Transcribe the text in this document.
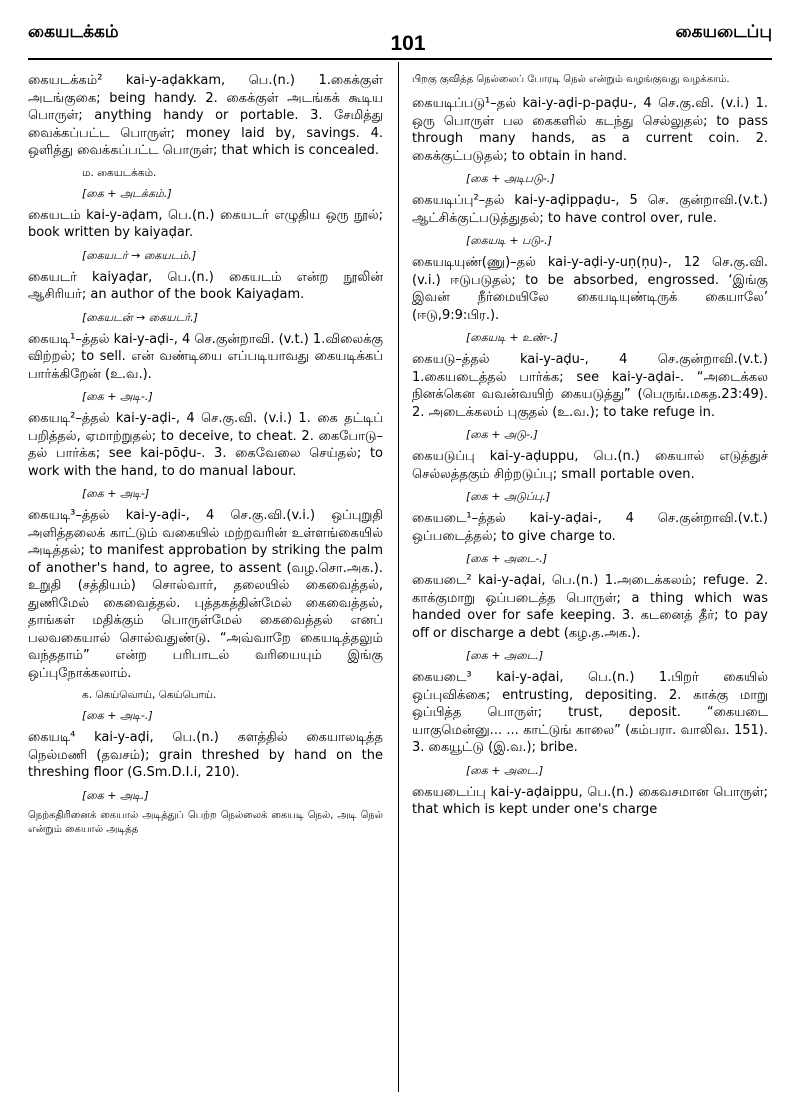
கையடக்கம்	101	கையடைப்பு
கையடக்கம்² kai-y-aḍakkam, பெ.(n.) 1.கைக்குள் அடங்குகை; being handy. 2. கைக்குள் அடங்கக் கூடிய பொருள்; anything handy or portable. 3. சேமித்து வைக்கப்பட்ட பொருள்; money laid by, savings. 4. ஒளித்து வைக்கப்பட்ட பொருள்; that which is concealed.
ம. கையடக்கம்.
[கை + அடக்கம்.]
கையடம் kai-y-aḍam, பெ.(n.) கையடர் எழுதிய ஒரு நூல்; book written by kaiyaḍar.
[கையடர் → கையடம்.]
கையடர் kaiyaḍar, பெ.(n.) கையடம் என்ற நூலின் ஆசிரியர்; an author of the book Kaiyaḍam.
[கையடன் → கையடர்.]
கையடி¹–த்தல் kai-y-aḍi-, 4 செ.குன்றாவி. (v.t.) 1.விலைக்கு விற்றல்; to sell. என் வண்டியை எப்படியாவது கையடிக்கப் பார்க்கிறேன் (உ.வ.).
[கை + அடி-.]
கையடி²–த்தல் kai-y-aḍi-, 4 செ.கு.வி. (v.i.) 1. கை தட்டிப் பறித்தல், ஏமாற்றுதல்; to deceive, to cheat. 2. கைபோடு–தல் பார்க்க; see kai-pōḍu-. 3. கைவேலை செய்தல்; to work with the hand, to do manual labour.
[கை + அடி-]
கையடி³–த்தல் kai-y-aḍi-, 4 செ.கு.வி.(v.i.) ஒப்புறுதி அளித்தலைக் காட்டும் வகையில் மற்றவரின் உள்ளங்கையில் அடித்தல்; to manifest approbation by striking the palm of another's hand, to agree, to assent (வழ.சொ.அக.). உறுதி (சத்தியம்) சொல்வார், தலையில் கைவைத்தல், துணிமேல் கைவைத்தல். புத்தகத்தின்மேல் கைவைத்தல், தாங்கள் மதிக்கும் பொருள்மேல் கைவைத்தல் எனப் பலவகையால் சொல்வதுண்டு. “அவ்வாறே கையடித்தலும் வந்ததாம்” என்ற பரிபாடல் வரியையும் இங்கு ஒப்புநோக்கலாம்.
க. கெய்வொய், கெய்பொய்.
[கை + அடி-.]
கையடி⁴ kai-y-aḍi, பெ.(n.) களத்தில் கையாலடித்த நெல்மணி (தவசம்); grain threshed by hand on the threshing floor (G.Sm.D.I.i, 210).
[கை + அடி.]
நெற்கதிரினைக் கையால் அடித்துப் பெற்ற நெல்லைக் கையடி நெல், அடி நெல் என்றும் கையால் அடித்த
பிறகு குவித்த நெல்லைப் போரடி நெல் என்றும் வழங்குவது வழக்காம்.
கையடிப்படு¹–தல் kai-y-aḍi-p-paḍu-, 4 செ.கு.வி. (v.i.) 1. ஒரு பொருள் பல கைகளில் கடந்து செல்லுதல்; to pass through many hands, as a current coin. 2. கைக்குட்படுதல்; to obtain in hand.
[கை + அடிபடு-.]
கையடிப்பு²–தல் kai-y-aḍippaḍu-, 5 செ. குன்றாவி.(v.t.) ஆட்சிக்குட்படுத்துதல்; to have control over, rule.
[கையடி + படு-.]
கையடியுண்(ணு)–தல் kai-y-aḍi-y-uṇ(ṇu)-, 12 செ.கு.வி.(v.i.) ஈடுபடுதல்; to be absorbed, engrossed. ‘இங்கு இவன் நீர்மையிலே கையடியுண்டிருக் கையாலே’ (ஈடு,9:9:பிர.).
[கையடி + உண்-.]
கையடு–த்தல் kai-y-aḍu-, 4 செ.குன்றாவி.(v.t.) 1.கையடைத்தல் பார்க்க; see kai-y-aḍai-. “அடைக்கல நினக்கென வவன்வயிற் கையடுத்து” (பெருங்.மகத.23:49). 2. அடைக்கலம் புகுதல் (உ.வ.); to take refuge in.
[கை + அடு-.]
கையடுப்பு kai-y-aḍuppu, பெ.(n.) கையால் எடுத்துச் செல்லத்தகும் சிற்றடுப்பு; small portable oven.
[கை + அடுப்பு.]
கையடை¹–த்தல் kai-y-aḍai-, 4 செ.குன்றாவி.(v.t.) ஒப்படைத்தல்; to give charge to.
[கை + அடை-.]
கையடை² kai-y-aḍai, பெ.(n.) 1.அடைக்கலம்; refuge. 2. காக்குமாறு ஒப்படைத்த பொருள்; a thing which was handed over for safe keeping. 3. கடனைத் தீர்; to pay off or discharge a debt (கழ.த.அக.).
[கை + அடை.]
கையடை³ kai-y-aḍai, பெ.(n.) 1.பிறர் கையில் ஒப்புவிக்கை; entrusting, depositing. 2. காக்கு மாறு ஒப்பித்த பொருள்; trust, deposit. “கையடை யாகுமென்னு... ... காட்டுங் காலை” (கம்பரா. வாலிவ. 151). 3. கையூட்டு (இ.வ.); bribe.
[கை + அடை.]
கையடைப்பு kai-y-aḍaippu, பெ.(n.) கைவசமான பொருள்; that which is kept under one's charge
